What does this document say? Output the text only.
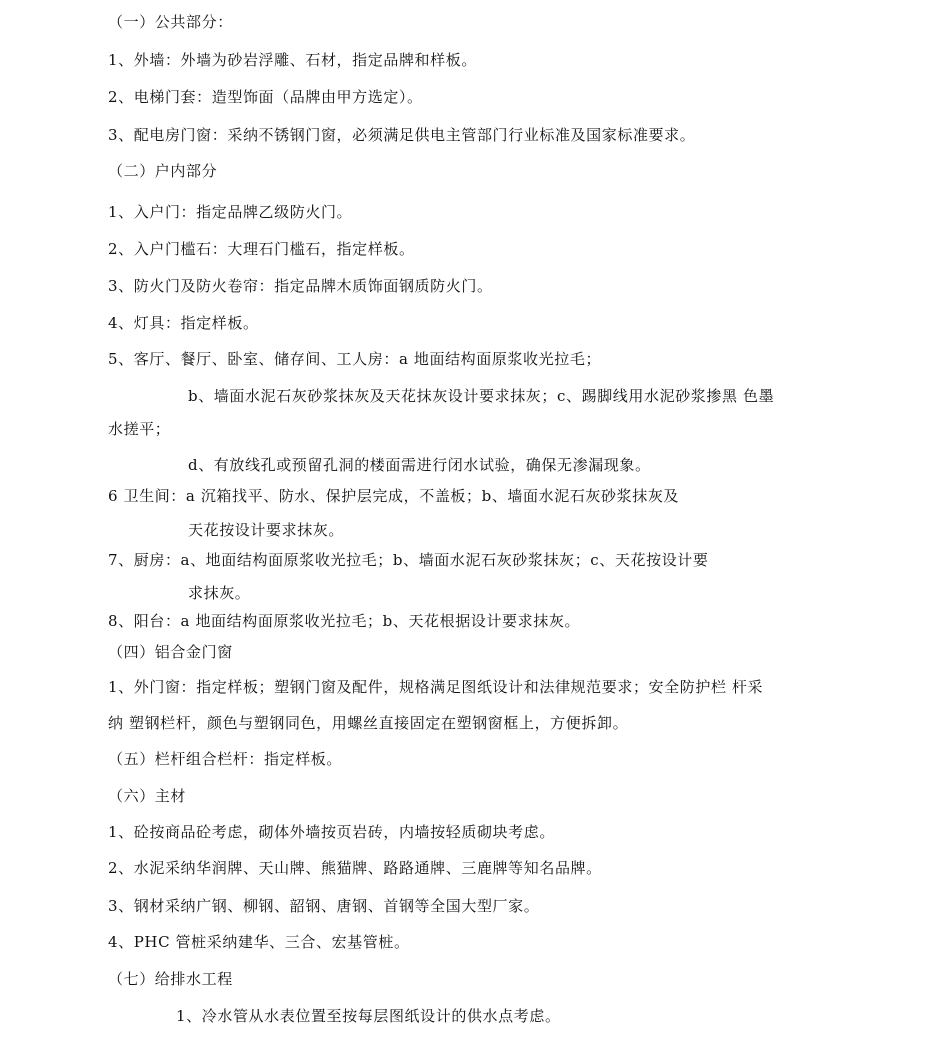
（一）公共部分：
1、外墙：外墙为砂岩浮雕、石材，指定品牌和样板。
2、电梯门套：造型饰面（品牌由甲方选定）。
3、配电房门窗：采纳不锈钢门窗，必须满足供电主管部门行业标准及国家标准要求。
（二）户内部分
1、入户门：指定品牌乙级防火门。
2、入户门槛石：大理石门槛石，指定样板。
3、防火门及防火卷帘：指定品牌木质饰面钢质防火门。
4、灯具：指定样板。
5、客厅、餐厅、卧室、储存间、工人房：a 地面结构面原浆收光拉毛；
b、墙面水泥石灰砂浆抹灰及天花抹灰设计要求抹灰；c、踢脚线用水泥砂浆掺黑 色墨
水搓平；
d、有放线孔或预留孔洞的楼面需进行闭水试验，确保无渗漏现象。
6 卫生间：a 沉箱找平、防水、保护层完成，不盖板；b、墙面水泥石灰砂浆抹灰及
天花按设计要求抹灰。
7、厨房：a、地面结构面原浆收光拉毛；b、墙面水泥石灰砂浆抹灰；c、天花按设计要
求抹灰。
8、阳台：a 地面结构面原浆收光拉毛；b、天花根据设计要求抹灰。
（四）铝合金门窗
1、外门窗：指定样板；塑钢门窗及配件，规格满足图纸设计和法律规范要求；安全防护栏 杆采
纳 塑钢栏杆，颜色与塑钢同色，用螺丝直接固定在塑钢窗框上，方便拆卸。
（五）栏杆组合栏杆：指定样板。
（六）主材
1、砼按商品砼考虑，砌体外墙按页岩砖，内墙按轻质砌块考虑。
2、水泥采纳华润牌、天山牌、熊猫牌、路路通牌、三鹿牌等知名品牌。
3、钢材采纳广钢、柳钢、韶钢、唐钢、首钢等全国大型厂家。
4、PHC 管桩采纳建华、三合、宏基管桩。
（七）给排水工程
1、冷水管从水表位置至按每层图纸设计的供水点考虑。
